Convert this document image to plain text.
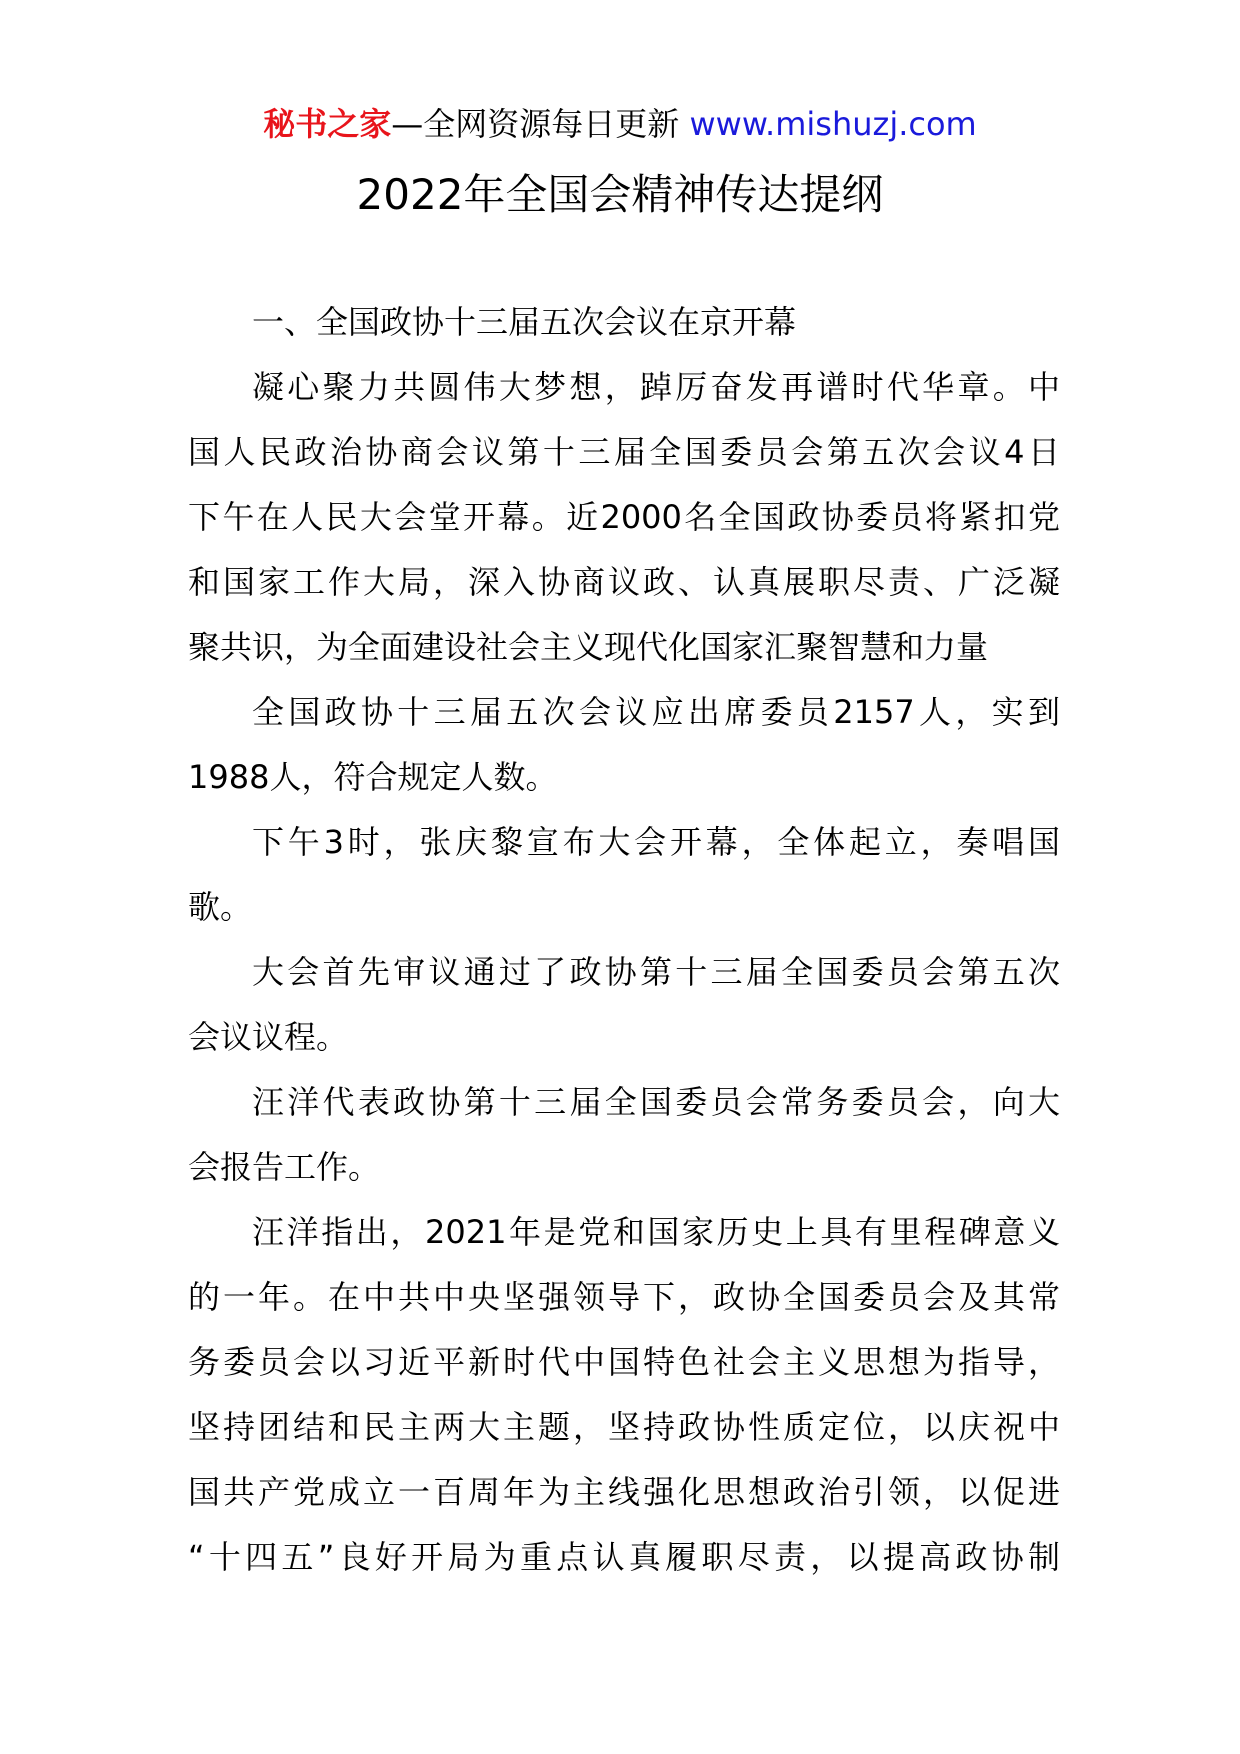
秘书之家—全网资源每日更新 www.mishuzj.com
2022年全国会精神传达提纲
一、全国政协十三届五次会议在京开幕
凝心聚力共圆伟大梦想，踔厉奋发再谱时代华章。中
国人民政治协商会议第十三届全国委员会第五次会议4日
下午在人民大会堂开幕。近2000名全国政协委员将紧扣党
和国家工作大局，深入协商议政、认真展职尽责、广泛凝
聚共识，为全面建设社会主义现代化国家汇聚智慧和力量
全国政协十三届五次会议应出席委员2157人，实到
1988人，符合规定人数。
下午3时，张庆黎宣布大会开幕，全体起立，奏唱国
歌。
大会首先审议通过了政协第十三届全国委员会第五次
会议议程。
汪洋代表政协第十三届全国委员会常务委员会，向大
会报告工作。
汪洋指出，2021年是党和国家历史上具有里程碑意义
的一年。在中共中央坚强领导下，政协全国委员会及其常
务委员会以习近平新时代中国特色社会主义思想为指导，
坚持团结和民主两大主题，坚持政协性质定位，以庆祝中
国共产党成立一百周年为主线强化思想政治引领，以促进
“十四五”良好开局为重点认真履职尽责，以提高政协制
